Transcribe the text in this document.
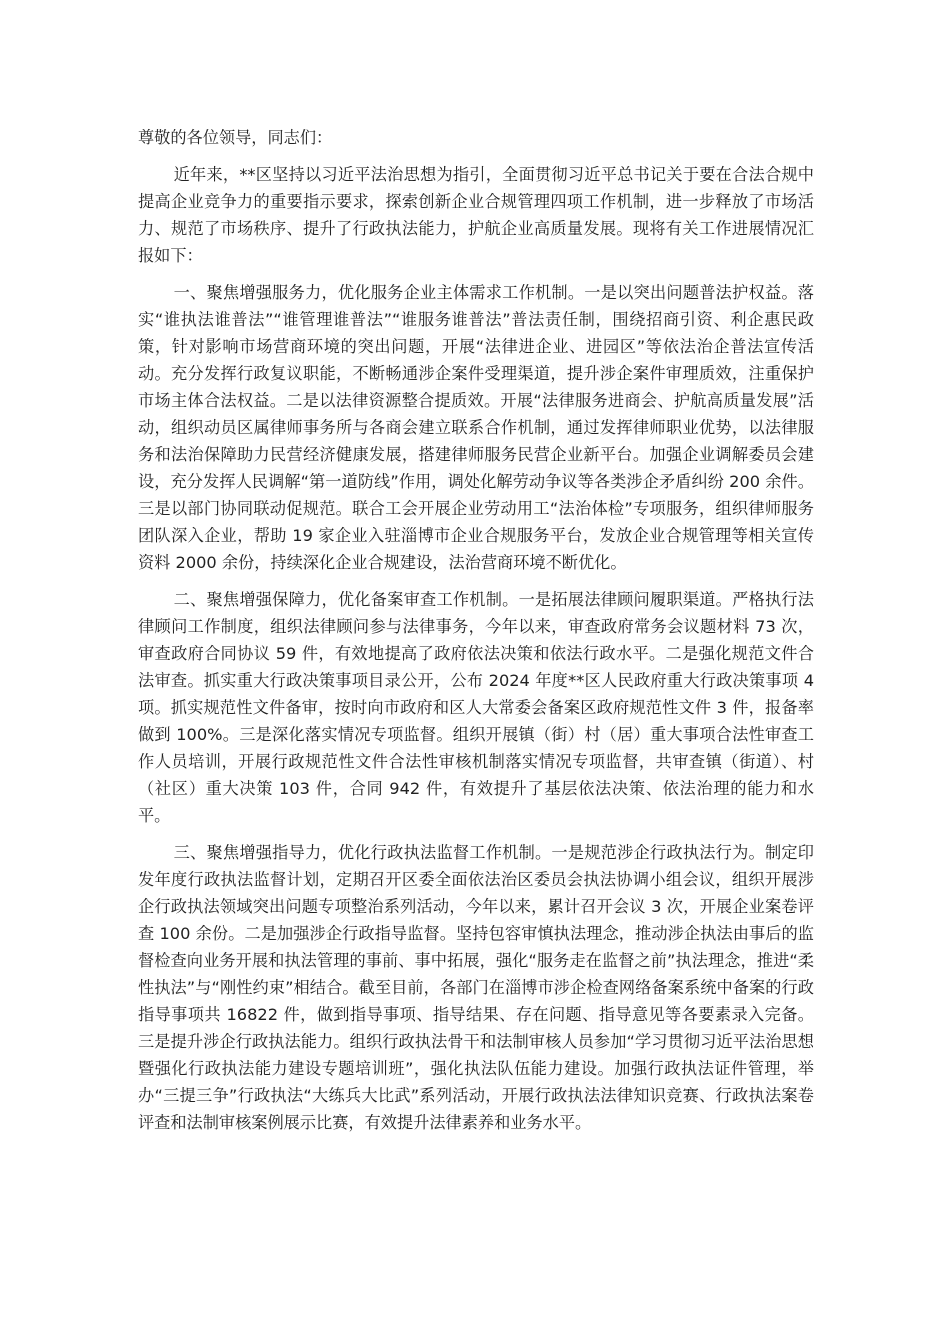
尊敬的各位领导，同志们：

近年来，**区坚持以习近平法治思想为指引，全面贯彻习近平总书记关于要在合法合规中提高企业竞争力的重要指示要求，探索创新企业合规管理四项工作机制，进一步释放了市场活力、规范了市场秩序、提升了行政执法能力，护航企业高质量发展。现将有关工作进展情况汇报如下：

一、聚焦增强服务力，优化服务企业主体需求工作机制。一是以突出问题普法护权益。落实“谁执法谁普法”“谁管理谁普法”“谁服务谁普法”普法责任制，围绕招商引资、利企惠民政策，针对影响市场营商环境的突出问题，开展“法律进企业、进园区”等依法治企普法宣传活动。充分发挥行政复议职能，不断畅通涉企案件受理渠道，提升涉企案件审理质效，注重保护市场主体合法权益。二是以法律资源整合提质效。开展“法律服务进商会、护航高质量发展”活动，组织动员区属律师事务所与各商会建立联系合作机制，通过发挥律师职业优势，以法律服务和法治保障助力民营经济健康发展，搭建律师服务民营企业新平台。加强企业调解委员会建设，充分发挥人民调解“第一道防线”作用，调处化解劳动争议等各类涉企矛盾纠纷 200 余件。三是以部门协同联动促规范。联合工会开展企业劳动用工“法治体检”专项服务，组织律师服务团队深入企业，帮助 19 家企业入驻淄博市企业合规服务平台，发放企业合规管理等相关宣传资料 2000 余份，持续深化企业合规建设，法治营商环境不断优化。

二、聚焦增强保障力，优化备案审查工作机制。一是拓展法律顾问履职渠道。严格执行法律顾问工作制度，组织法律顾问参与法律事务，今年以来，审查政府常务会议题材料 73 次，审查政府合同协议 59 件，有效地提高了政府依法决策和依法行政水平。二是强化规范文件合法审查。抓实重大行政决策事项目录公开，公布 2024 年度**区人民政府重大行政决策事项 4 项。抓实规范性文件备审，按时向市政府和区人大常委会备案区政府规范性文件 3 件，报备率做到 100%。三是深化落实情况专项监督。组织开展镇（街）村（居）重大事项合法性审查工作人员培训，开展行政规范性文件合法性审核机制落实情况专项监督，共审查镇（街道）、村（社区）重大决策 103 件，合同 942 件，有效提升了基层依法决策、依法治理的能力和水平。

三、聚焦增强指导力，优化行政执法监督工作机制。一是规范涉企行政执法行为。制定印发年度行政执法监督计划，定期召开区委全面依法治区委员会执法协调小组会议，组织开展涉企行政执法领域突出问题专项整治系列活动，今年以来，累计召开会议 3 次，开展企业案卷评查 100 余份。二是加强涉企行政指导监督。坚持包容审慎执法理念，推动涉企执法由事后的监督检查向业务开展和执法管理的事前、事中拓展，强化“服务走在监督之前”执法理念，推进“柔性执法”与“刚性约束”相结合。截至目前，各部门在淄博市涉企检查网络备案系统中备案的行政指导事项共 16822 件，做到指导事项、指导结果、存在问题、指导意见等各要素录入完备。三是提升涉企行政执法能力。组织行政执法骨干和法制审核人员参加“学习贯彻习近平法治思想暨强化行政执法能力建设专题培训班”，强化执法队伍能力建设。加强行政执法证件管理，举办“三提三争”行政执法“大练兵大比武”系列活动，开展行政执法法律知识竞赛、行政执法案卷评查和法制审核案例展示比赛，有效提升法律素养和业务水平。
